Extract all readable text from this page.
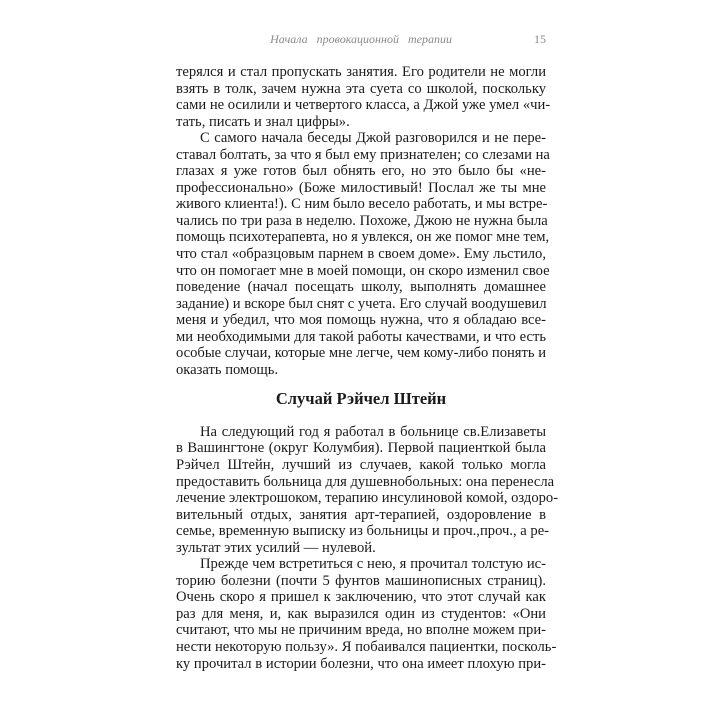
Начала провокационной терапии	15
терялся и стал пропускать занятия. Его родители не могли
взять в толк, зачем нужна эта суета со школой, поскольку
сами не осилили и четвертого класса, а Джой уже умел «чи-
тать, писать и знал цифры».
С самого начала беседы Джой разговорился и не пере-
ставал болтать, за что я был ему признателен; со слезами на
глазах я уже готов был обнять его, но это было бы «не-
профессионально» (Боже милостивый! Послал же ты мне
живого клиента!). С ним было весело работать, и мы встре-
чались по три раза в неделю. Похоже, Джою не нужна была
помощь психотерапевта, но я увлекся, он же помог мне тем,
что стал «образцовым парнем в своем доме». Ему льстило,
что он помогает мне в моей помощи, он скоро изменил свое
поведение (начал посещать школу, выполнять домашнее
задание) и вскоре был снят с учета. Его случай воодушевил
меня и убедил, что моя помощь нужна, что я обладаю все-
ми необходимыми для такой работы качествами, и что есть
особые случаи, которые мне легче, чем кому-либо понять и
оказать помощь.
Случай Рэйчел Штейн
На следующий год я работал в больнице св.Елизаветы
в Вашингтоне (округ Колумбия). Первой пациенткой была
Рэйчел Штейн, лучший из случаев, какой только могла
предоставить больница для душевнобольных: она перенесла
лечение электрошоком, терапию инсулиновой комой, оздоро-
вительный отдых, занятия арт-терапией, оздоровление в
семье, временную выписку из больницы и проч.,проч., а ре-
зультат этих усилий — нулевой.
Прежде чем встретиться с нею, я прочитал толстую ис-
торию болезни (почти 5 фунтов машинописных страниц).
Очень скоро я пришел к заключению, что этот случай как
раз для меня, и, как выразился один из студентов: «Они
считают, что мы не причиним вреда, но вполне можем при-
нести некоторую пользу». Я побаивался пациентки, посколь-
ку прочитал в истории болезни, что она имеет плохую при-
